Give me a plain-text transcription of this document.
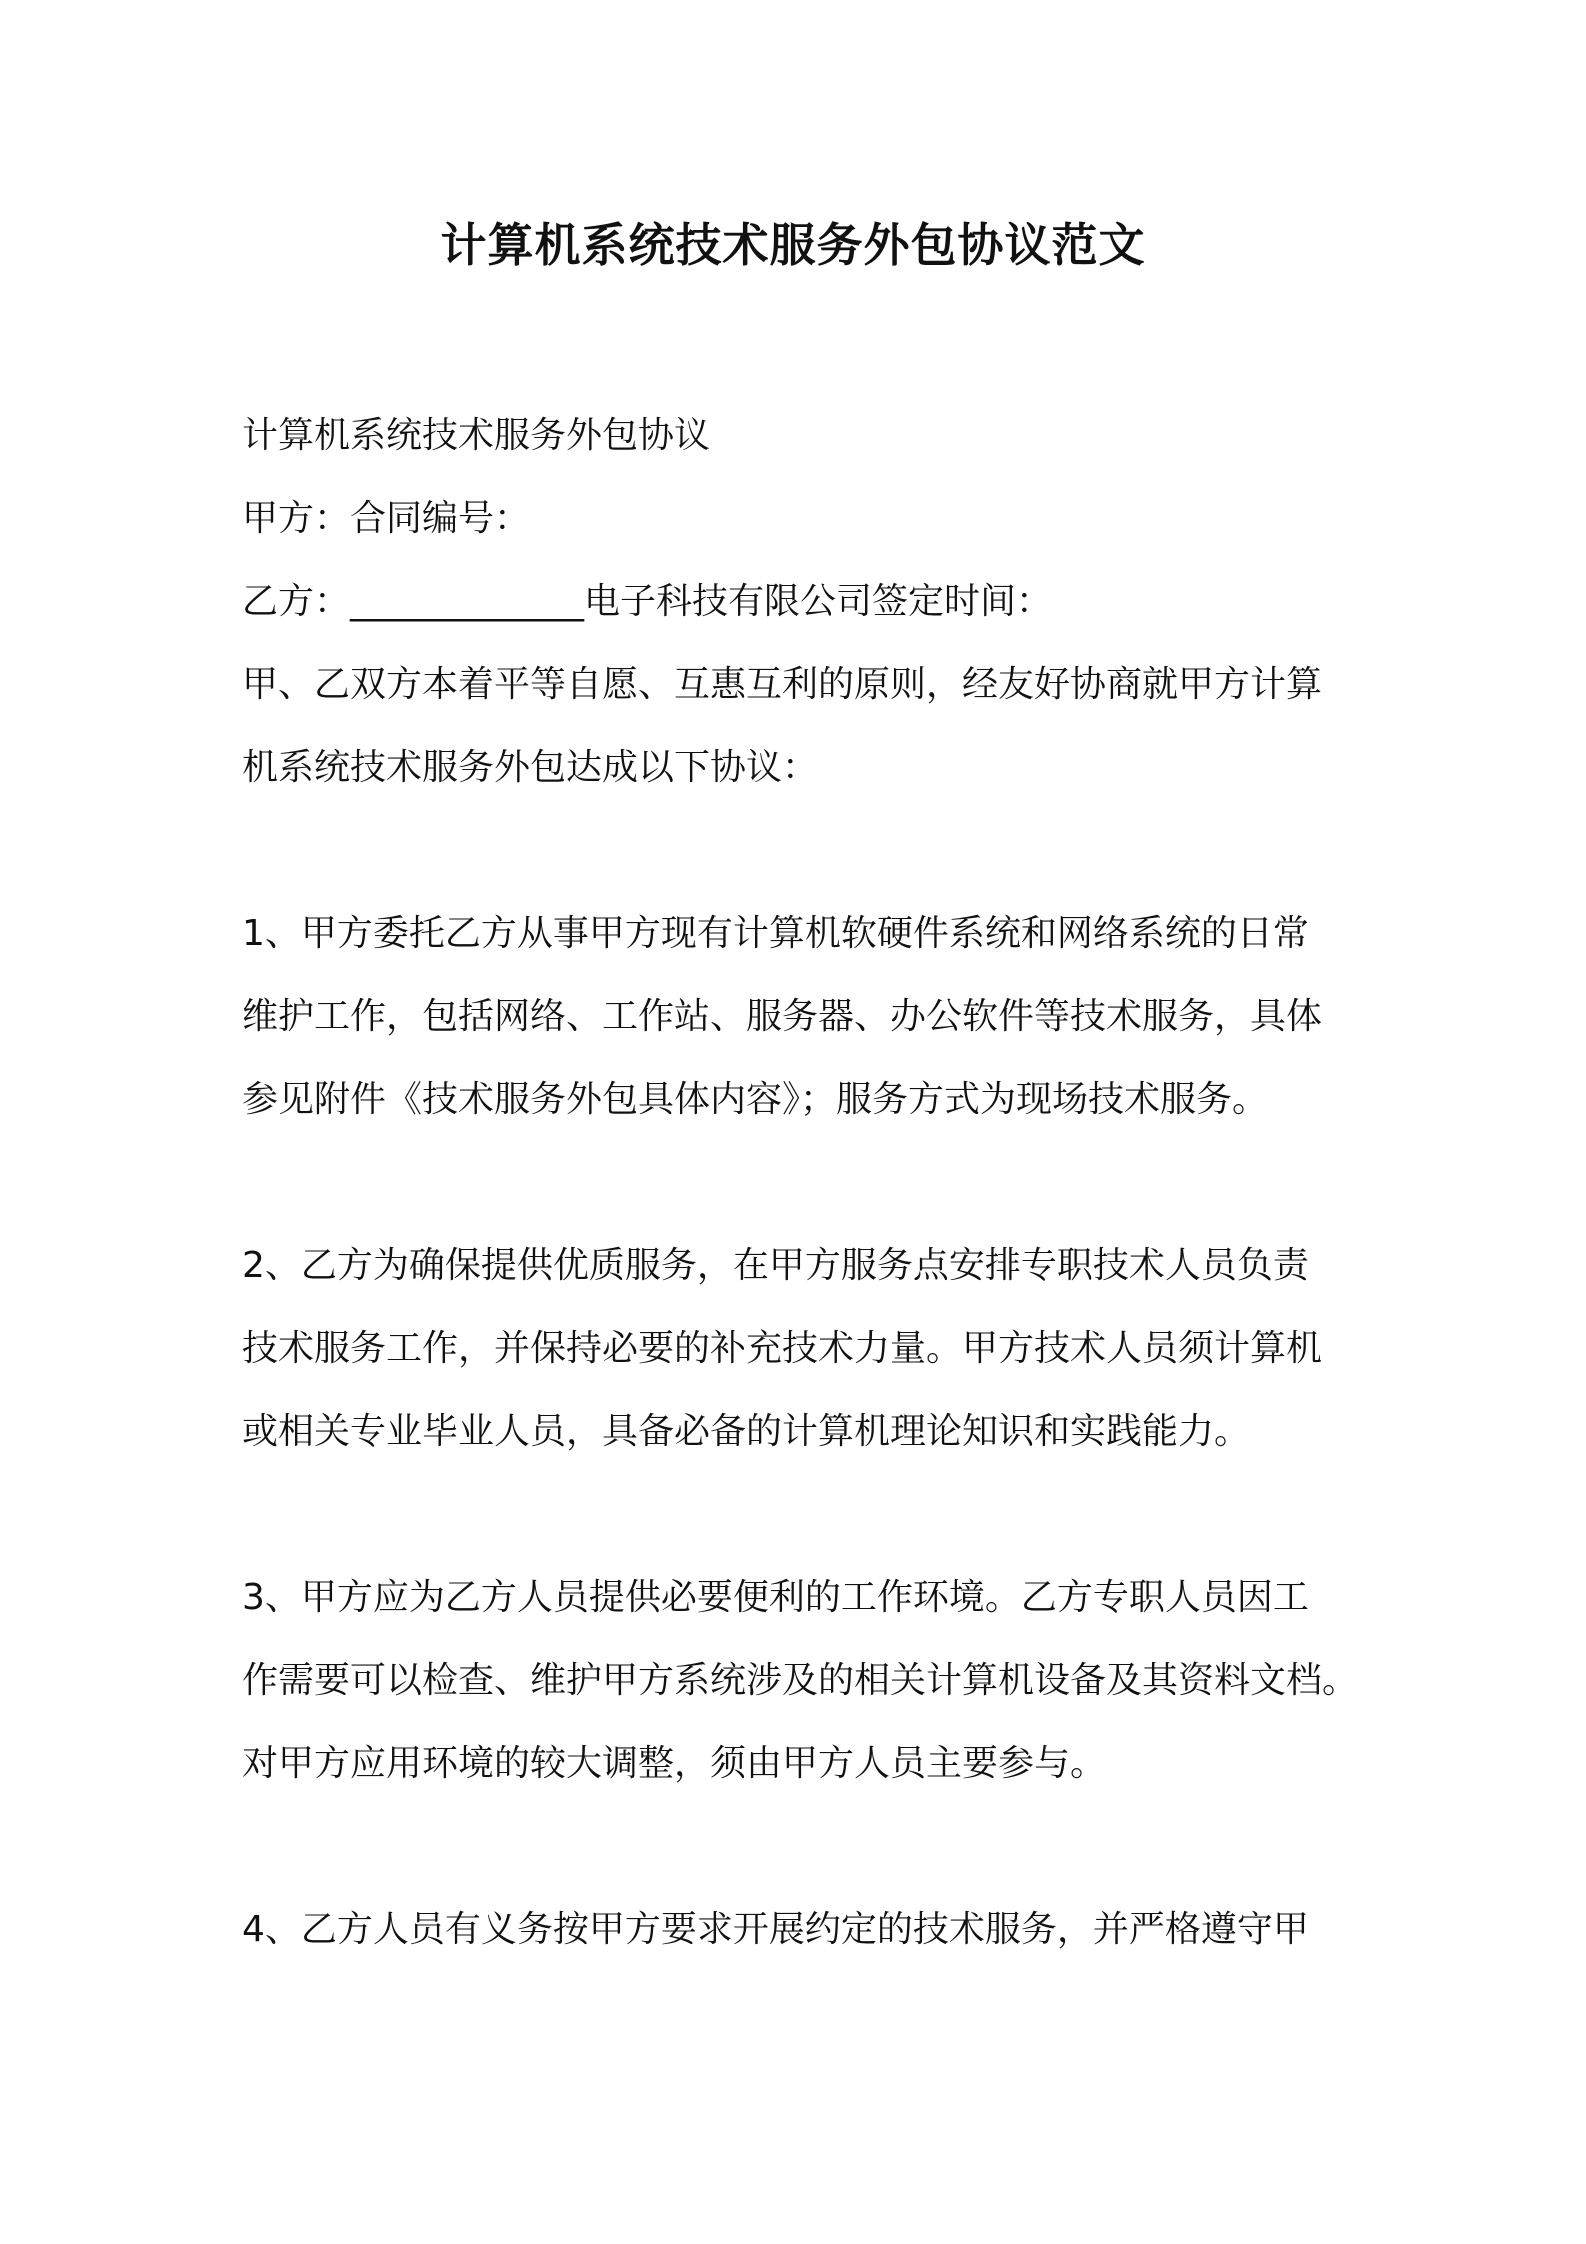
计算机系统技术服务外包协议范文
计算机系统技术服务外包协议
甲方：合同编号：
乙方：_____________电子科技有限公司签定时间：
甲、乙双方本着平等自愿、互惠互利的原则，经友好协商就甲方计算
机系统技术服务外包达成以下协议：
1、甲方委托乙方从事甲方现有计算机软硬件系统和网络系统的日常
维护工作，包括网络、工作站、服务器、办公软件等技术服务，具体
参见附件《技术服务外包具体内容》；服务方式为现场技术服务。
2、乙方为确保提供优质服务，在甲方服务点安排专职技术人员负责
技术服务工作，并保持必要的补充技术力量。甲方技术人员须计算机
或相关专业毕业人员，具备必备的计算机理论知识和实践能力。
3、甲方应为乙方人员提供必要便利的工作环境。乙方专职人员因工
作需要可以检查、维护甲方系统涉及的相关计算机设备及其资料文档。
对甲方应用环境的较大调整，须由甲方人员主要参与。
4、乙方人员有义务按甲方要求开展约定的技术服务，并严格遵守甲
